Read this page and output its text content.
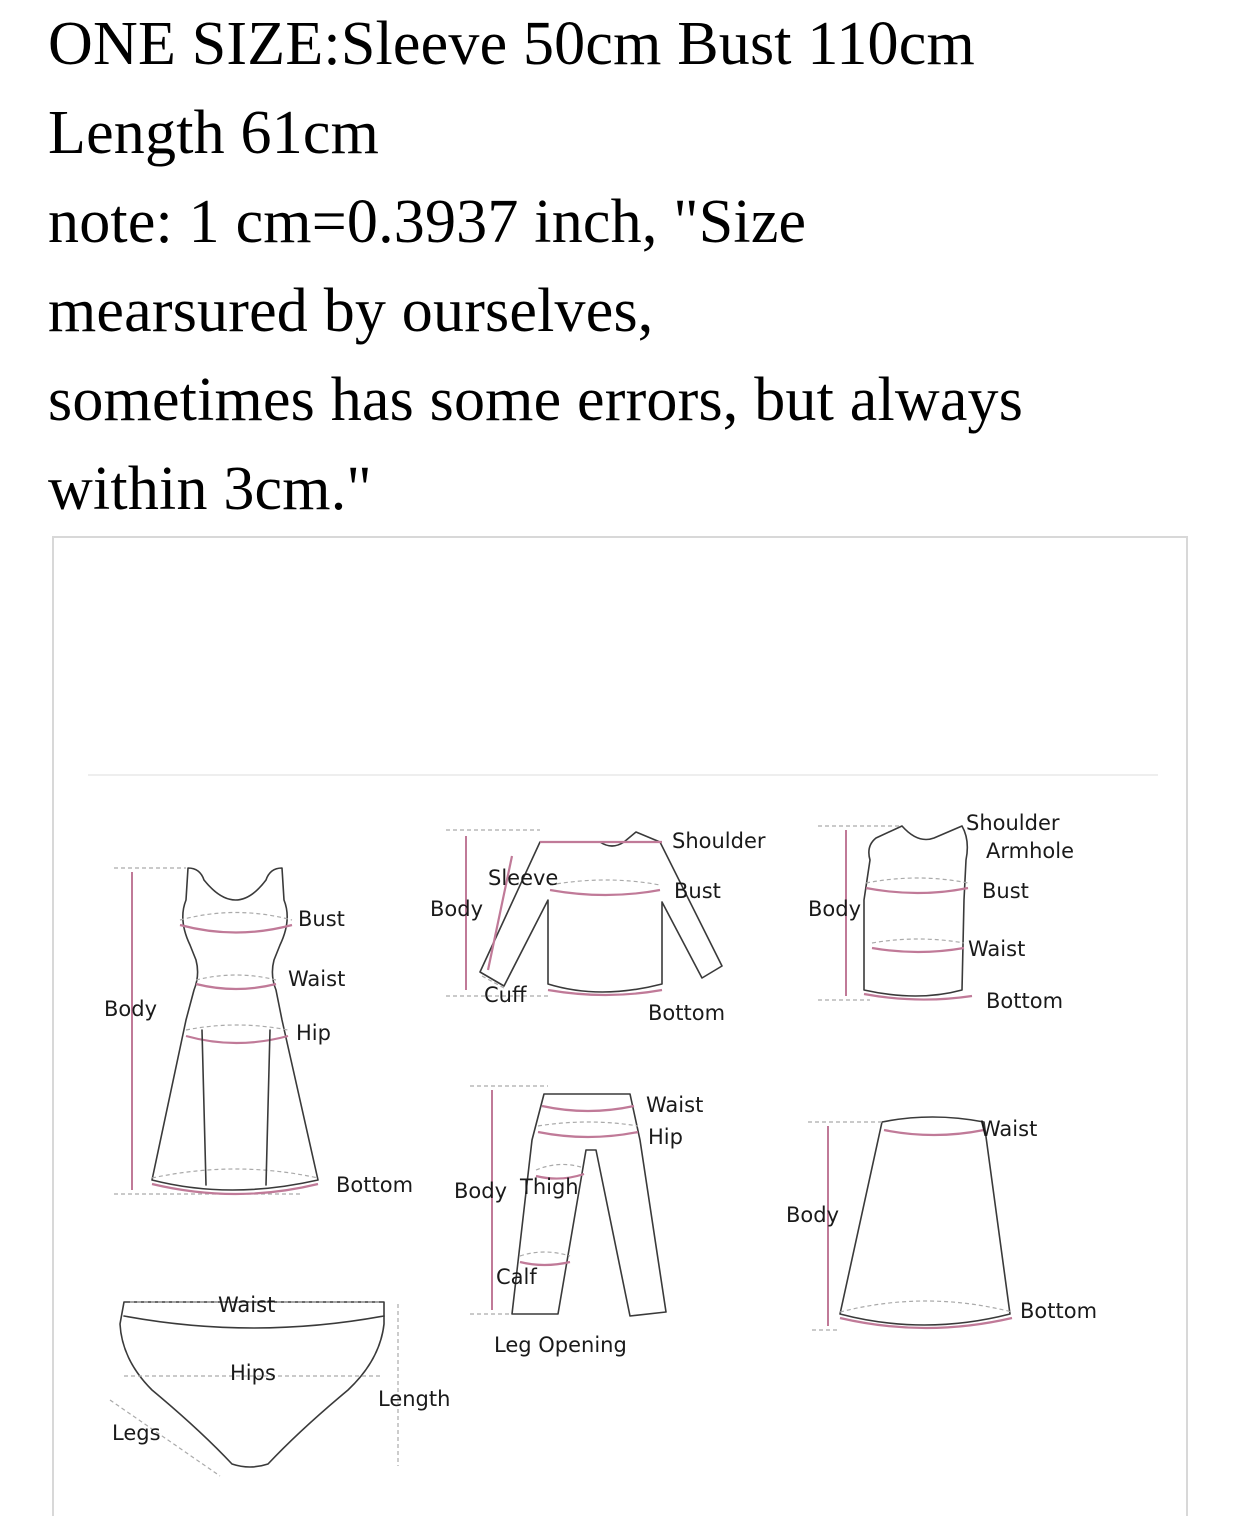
ONE SIZE:Sleeve 50cm Bust 110cm
Length 61cm
note: 1 cm=0.3937 inch, "Size
mearsured by ourselves,
sometimes has some errors, but always
within 3cm."
Bust
Waist
Hip
Body
Bottom
Shoulder
Sleeve
Bust
Body
Cuff
Bottom
Shoulder
Armhole
Bust
Body
Waist
Bottom
Waist
Hip
Body Thigh
Calf
Leg Opening
Waist
Body
Bottom
Waist
Hips
Length
Legs
